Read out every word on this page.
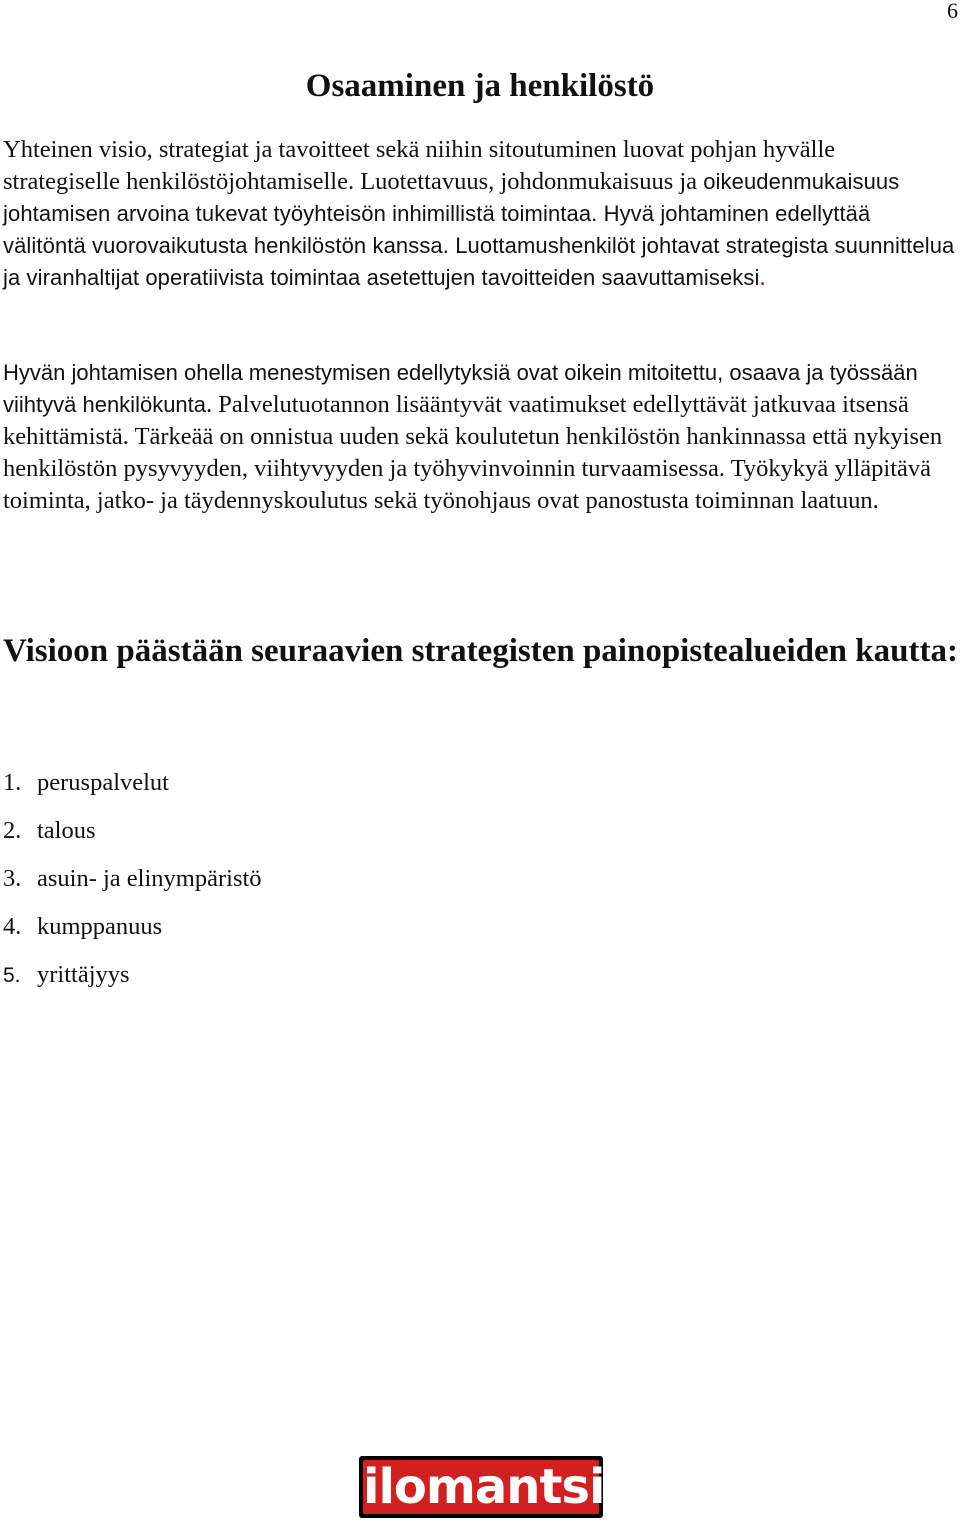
6
Osaaminen ja henkilöstö

Yhteinen visio, strategiat ja tavoitteet sekä niihin sitoutuminen luovat pohjan hyvälle strategiselle henkilöstöjohtamiselle. Luotettavuus, johdonmukaisuus ja oikeudenmukaisuus johtamisen arvoina tukevat työyhteisön inhimillistä toimintaa. Hyvä johtaminen edellyttää välitöntä vuorovaikutusta henkilöstön kanssa. Luottamushenkilöt johtavat strategista suunnittelua ja viranhaltijat operatiivista toimintaa asetettujen tavoitteiden saavuttamiseksi.

Hyvän johtamisen ohella menestymisen edellytyksiä ovat oikein mitoitettu, osaava ja työssään viihtyvä henkilökunta. Palvelutuotannon lisääntyvät vaatimukset edellyttävät jatkuvaa itsensä kehittämistä. Tärkeää on onnistua uuden sekä koulutetun henkilöstön hankinnassa että nykyisen henkilöstön pysyvyyden, viihtyvyyden ja työhyvinvoinnin turvaamisessa. Työkykyä ylläpitävä toiminta, jatko- ja täydennyskoulutus sekä työnohjaus ovat panostusta toiminnan laatuun.

Visioon päästään seuraavien strategisten painopistealueiden kautta:
1. peruspalvelut
2. talous
3. asuin- ja elinympäristö
4. kumppanuus
5. yrittäjyys
ilomantsi
